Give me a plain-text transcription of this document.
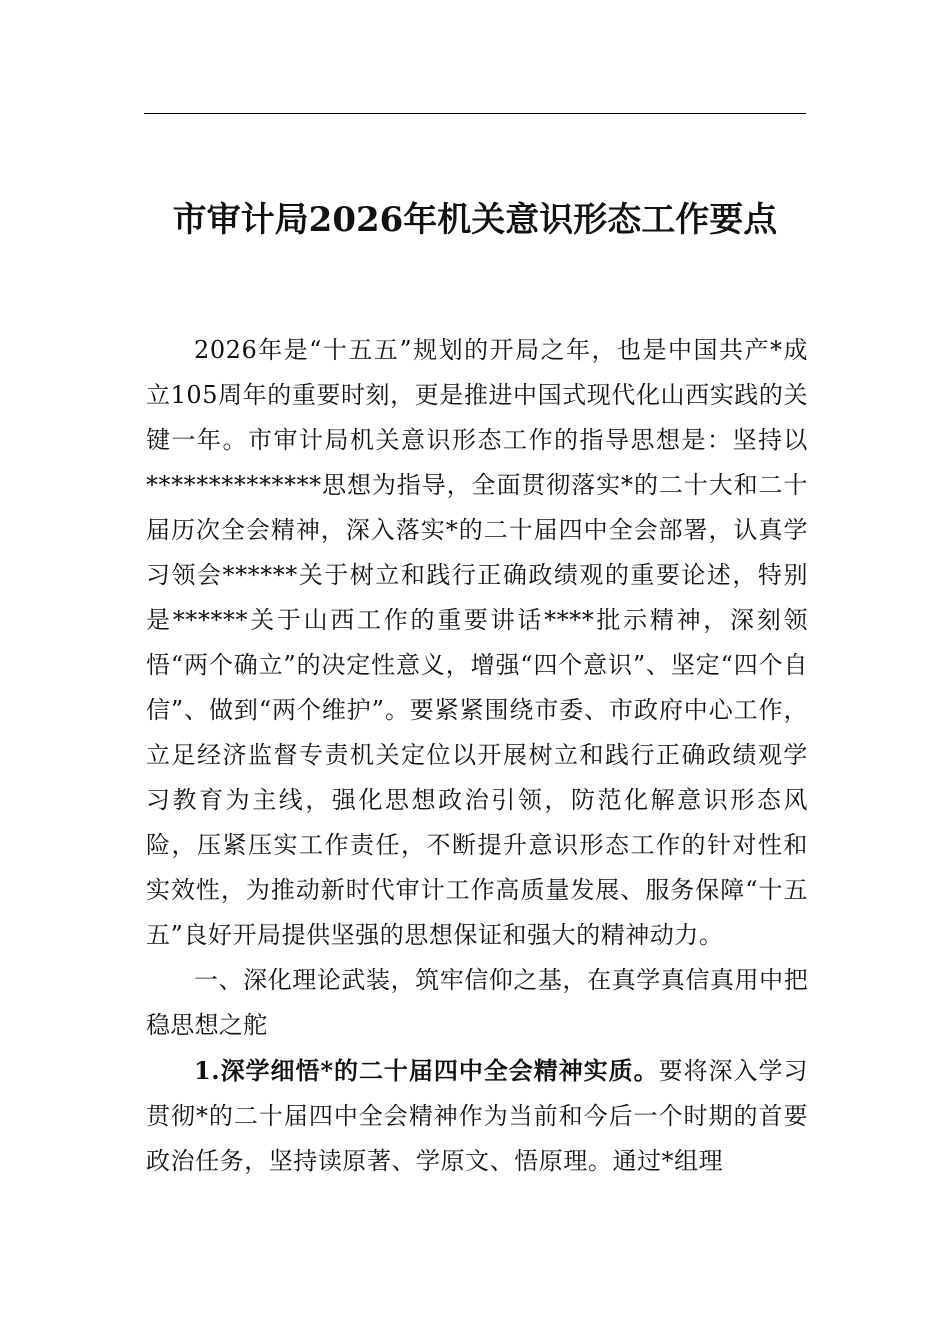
市审计局2026年机关意识形态工作要点

2026年是“十五五”规划的开局之年，也是中国共产*成立105周年的重要时刻，更是推进中国式现代化山西实践的关键一年。市审计局机关意识形态工作的指导思想是：坚持以**************思想为指导，全面贯彻落实*的二十大和二十届历次全会精神，深入落实*的二十届四中全会部署，认真学习领会******关于树立和践行正确政绩观的重要论述，特别是******关于山西工作的重要讲话****批示精神，深刻领悟“两个确立”的决定性意义，增强“四个意识”、坚定“四个自信”、做到“两个维护”。要紧紧围绕市委、市政府中心工作，立足经济监督专责机关定位以开展树立和践行正确政绩观学习教育为主线，强化思想政治引领，防范化解意识形态风险，压紧压实工作责任，不断提升意识形态工作的针对性和实效性，为推动新时代审计工作高质量发展、服务保障“十五五”良好开局提供坚强的思想保证和强大的精神动力。

一、深化理论武装，筑牢信仰之基，在真学真信真用中把稳思想之舵

1.深学细悟*的二十届四中全会精神实质。要将深入学习贯彻*的二十届四中全会精神作为当前和今后一个时期的首要政治任务，坚持读原著、学原文、悟原理。通过*组理
